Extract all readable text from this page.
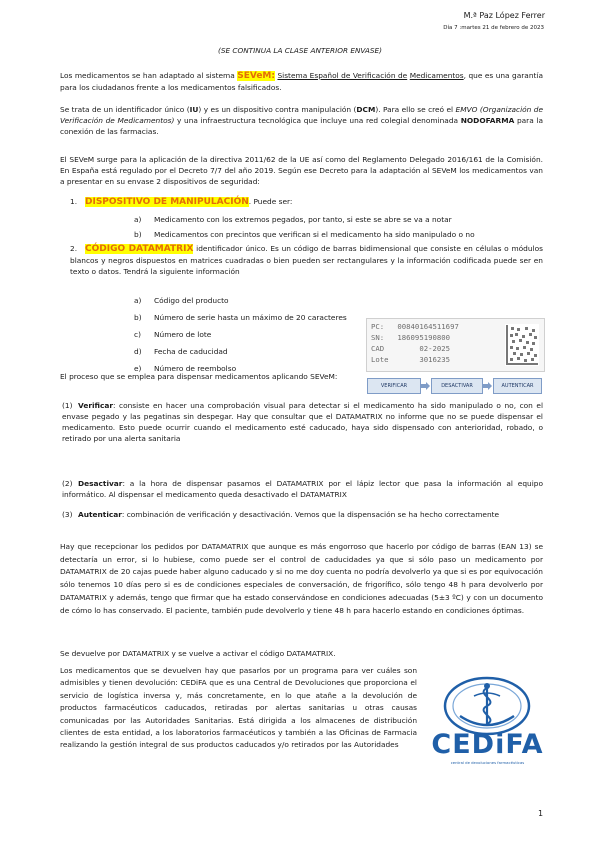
M.ª Paz López Ferrer
Día 7 :martes 21 de febrero de 2023
(SE CONTINUA LA CLASE ANTERIOR ENVASE)
Los medicamentos se han adaptado al sistema SEVeM: Sistema Español de Verificación de Medicamentos, que es una garantía para los ciudadanos frente a los medicamentos falsificados.
Se trata de un identificador único (IU) y es un dispositivo contra manipulación (DCM). Para ello se creó el EMVO (Organización de Verificación de Medicamentos) y una infraestructura tecnológica que incluye una red colegial denominada NODOFARMA para la conexión de las farmacias.
El SEVeM surge para la aplicación de la directiva 2011/62 de la UE así como del Reglamento Delegado 2016/161 de la Comisión. En España está regulado por el Decreto 7/7 del año 2019. Según ese Decreto para la adaptación al SEVeM los medicamentos van a presentar en su envase 2 dispositivos de seguridad:
1. DISPOSITIVO DE MANIPULACIÓN. Puede ser:
a) Medicamento con los extremos pegados, por tanto, si este se abre se va a notar
b) Medicamentos con precintos que verifican si el medicamento ha sido manipulado o no
2. CÓDIGO DATAMATRIX identificador único. Es un código de barras bidimensional que consiste en células o módulos blancos y negros dispuestos en matrices cuadradas o bien pueden ser rectangulares y la información codificada puede ser en texto o datos. Tendrá la siguiente información
a) Código del producto
b) Número de serie hasta un máximo de 20 caracteres
c) Número de lote
d) Fecha de caducidad
e) Número de reembolso
PC:   00840164511697
SN:   186095190800
CAD        02-2025
Lote       3016235
El proceso que se emplea para dispensar medicamentos aplicando SEVeM:
VERIFICAR	DESACTIVAR	AUTENTICAR
(1) Verificar: consiste en hacer una comprobación visual para detectar si el medicamento ha sido manipulado o no, con el envase pegado y las pegatinas sin despegar. Hay que consultar que el DATAMATRIX no informe que no se puede dispensar el medicamento. Esto puede ocurrir cuando el medicamento esté caducado, haya sido dispensado con anterioridad, robado, o retirado por una alerta sanitaria
(2) Desactivar: a la hora de dispensar pasamos el DATAMATRIX por el lápiz lector que pasa la información al equipo informático. Al dispensar el medicamento queda desactivado el DATAMATRIX
(3) Autenticar: combinación de verificación y desactivación. Vemos que la dispensación se ha hecho correctamente
Hay que recepcionar los pedidos por DATAMATRIX que aunque es más engorroso que hacerlo por código de barras (EAN 13) se detectaría un error, si lo hubiese, como puede ser el control de caducidades ya que si sólo paso un medicamento por DATAMATRIX de 20 cajas puede haber alguno caducado y si no me doy cuenta no podría devolverlo ya que si es por equivocación sólo tenemos 10 días pero si es de condiciones especiales de conversación, de frigorífico, sólo tengo 48 h para devolverlo por DATAMATRIX y además, tengo que firmar que ha estado conservándose en condiciones adecuadas (5±3 ºC) y con un documento de cómo lo has conservado. El paciente, también pude devolverlo y tiene 48 h para hacerlo estando en condiciones óptimas.
Se devuelve por DATAMATRIX y se vuelve a activar el código DATAMATRIX.
Los medicamentos que se devuelven hay que pasarlos por un programa para ver cuáles son admisibles y tienen devolución: CEDiFA que es una Central de Devoluciones que proporciona el servicio de logística inversa y, más concretamente, en lo que atañe a la devolución de productos farmacéuticos caducados, retiradas por alertas sanitarias u otras causas comunicadas por las Autoridades Sanitarias. Está dirigida a los almacenes de distribución clientes de esta entidad, a los laboratorios farmacéuticos y también a las Oficinas de Farmacia realizando la gestión integral de sus productos caducados y/o retirados por las Autoridades	CEDiFA
central de devoluciones farmacéuticas
1
